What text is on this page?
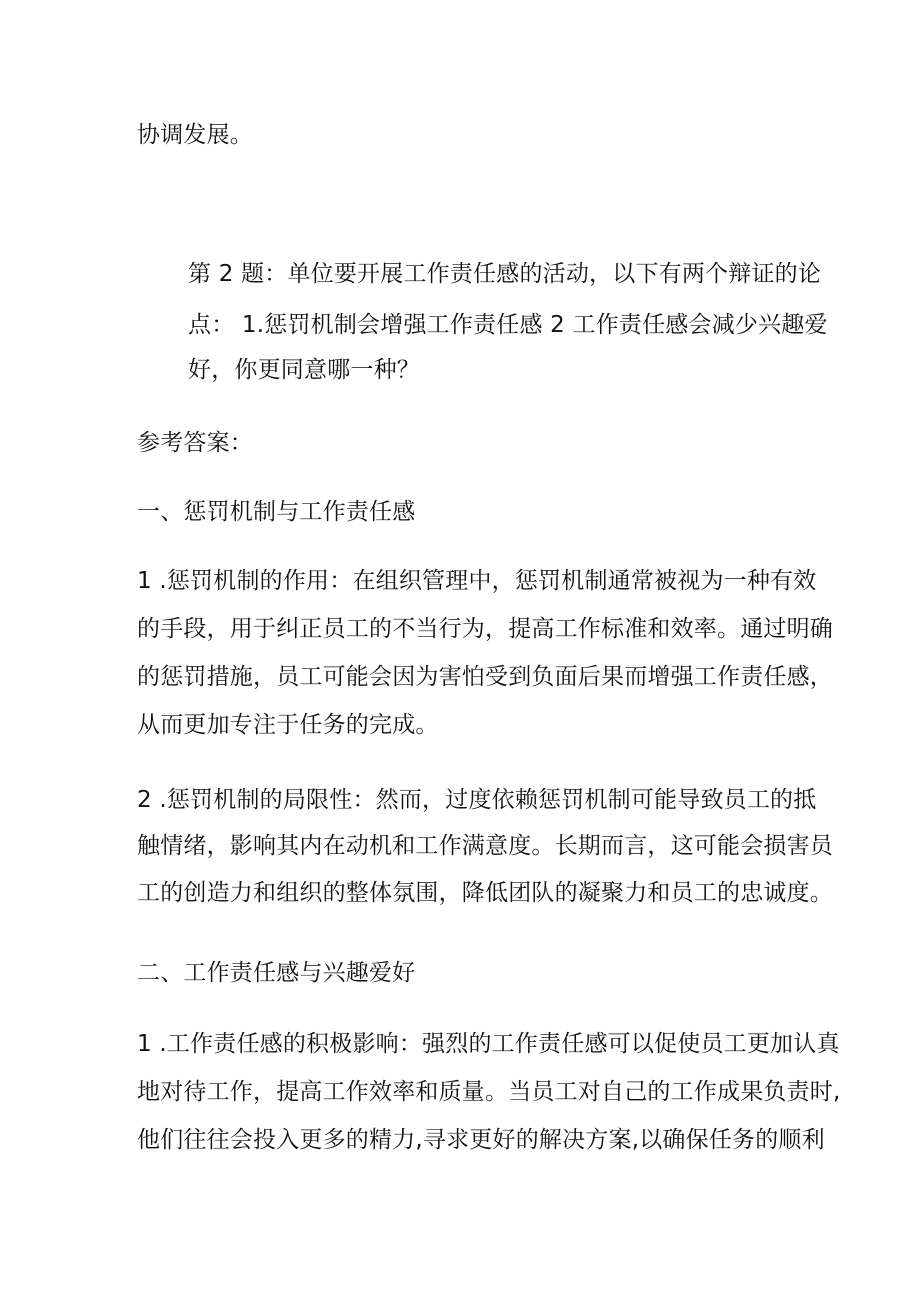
协调发展。
第 2 题：单位要开展工作责任感的活动，以下有两个辩证的论
点： 1.惩罚机制会增强工作责任感 2 工作责任感会减少兴趣爱
好，你更同意哪一种？
参考答案：
一、惩罚机制与工作责任感
1 .惩罚机制的作用：在组织管理中，惩罚机制通常被视为一种有效
的手段，用于纠正员工的不当行为，提高工作标准和效率。通过明确
的惩罚措施，员工可能会因为害怕受到负面后果而增强工作责任感，
从而更加专注于任务的完成。
2 .惩罚机制的局限性：然而，过度依赖惩罚机制可能导致员工的抵
触情绪，影响其内在动机和工作满意度。长期而言，这可能会损害员
工的创造力和组织的整体氛围，降低团队的凝聚力和员工的忠诚度。
二、工作责任感与兴趣爱好
1 .工作责任感的积极影响：强烈的工作责任感可以促使员工更加认真
地对待工作，提高工作效率和质量。当员工对自己的工作成果负责时,
他们往往会投入更多的精力,寻求更好的解决方案,以确保任务的顺利
